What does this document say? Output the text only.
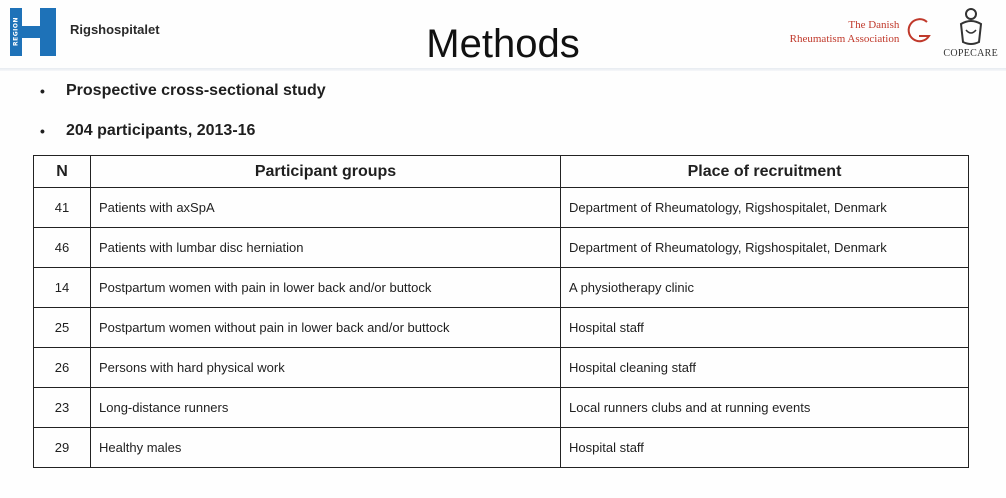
REGION	Rigshospitalet	Methods	The Danish
Rheumatism Association
COPECARE
•	Prospective cross-sectional study
•	204 participants, 2013-16
N	Participant groups	Place of recruitment
41	Patients with axSpA	Department of Rheumatology, Rigshospitalet, Denmark
46	Patients with lumbar disc herniation	Department of Rheumatology, Rigshospitalet, Denmark
14	Postpartum women with pain in lower back and/or buttock	A physiotherapy clinic
25	Postpartum women without pain in lower back and/or buttock	Hospital staff
26	Persons with hard physical work	Hospital cleaning staff
23	Long-distance runners	Local runners clubs and at running events
29	Healthy males	Hospital staff
